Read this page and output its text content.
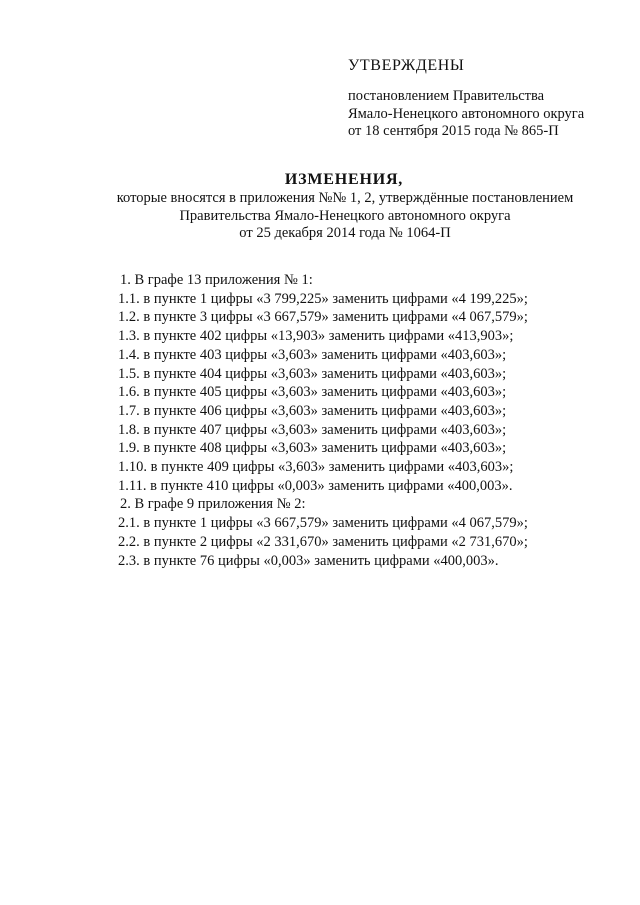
УТВЕРЖДЕНЫ
постановлением Правительства
Ямало-Ненецкого автономного округа
от 18 сентября 2015 года № 865-П
ИЗМЕНЕНИЯ,
которые вносятся в приложения №№ 1, 2, утверждённые постановлением
Правительства Ямало-Ненецкого автономного округа
от 25 декабря 2014 года № 1064-П
1. В графе 13 приложения № 1:
1.1. в пункте 1 цифры «3 799,225» заменить цифрами «4 199,225»;
1.2. в пункте 3 цифры «3 667,579» заменить цифрами «4 067,579»;
1.3. в пункте 402 цифры «13,903» заменить цифрами «413,903»;
1.4. в пункте 403 цифры «3,603» заменить цифрами «403,603»;
1.5. в пункте 404 цифры «3,603» заменить цифрами «403,603»;
1.6. в пункте 405 цифры «3,603» заменить цифрами «403,603»;
1.7. в пункте 406 цифры «3,603» заменить цифрами «403,603»;
1.8. в пункте 407 цифры «3,603» заменить цифрами «403,603»;
1.9. в пункте 408 цифры «3,603» заменить цифрами «403,603»;
1.10. в пункте 409 цифры «3,603» заменить цифрами «403,603»;
1.11. в пункте 410 цифры «0,003» заменить цифрами «400,003».
2. В графе 9 приложения № 2:
2.1. в пункте 1 цифры «3 667,579» заменить цифрами «4 067,579»;
2.2. в пункте 2 цифры «2 331,670» заменить цифрами «2 731,670»;
2.3. в пункте 76 цифры «0,003» заменить цифрами «400,003».
